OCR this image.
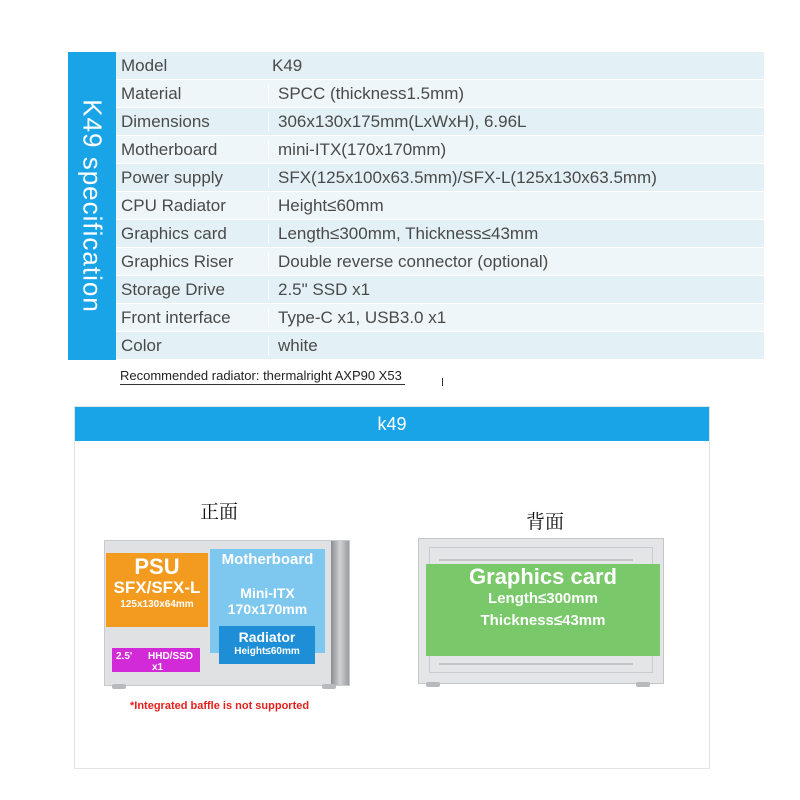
K49 specification
Model	K49
Material	SPCC (thickness1.5mm)
Dimensions	306x130x175mm(LxWxH), 6.96L
Motherboard	mini-ITX(170x170mm)
Power supply	SFX(125x100x63.5mm)/SFX-L(125x130x63.5mm)
CPU Radiator	Height≤60mm
Graphics card	Length≤300mm, Thickness≤43mm
Graphics Riser	Double reverse connector (optional)
Storage Drive	2.5" SSD x1
Front interface	Type-C x1, USB3.0 x1
Color	white
Recommended radiator: thermalright AXP90 X53
k49
正面	背面
PSU
SFX/SFX-L
125x130x64mm
Motherboard
Mini-ITX
170x170mm
Radiator
Height≤60mm
2.5' HHD/SSD
x1
*Integrated baffle is not supported
Graphics card
Length≤300mm
Thickness≤43mm
